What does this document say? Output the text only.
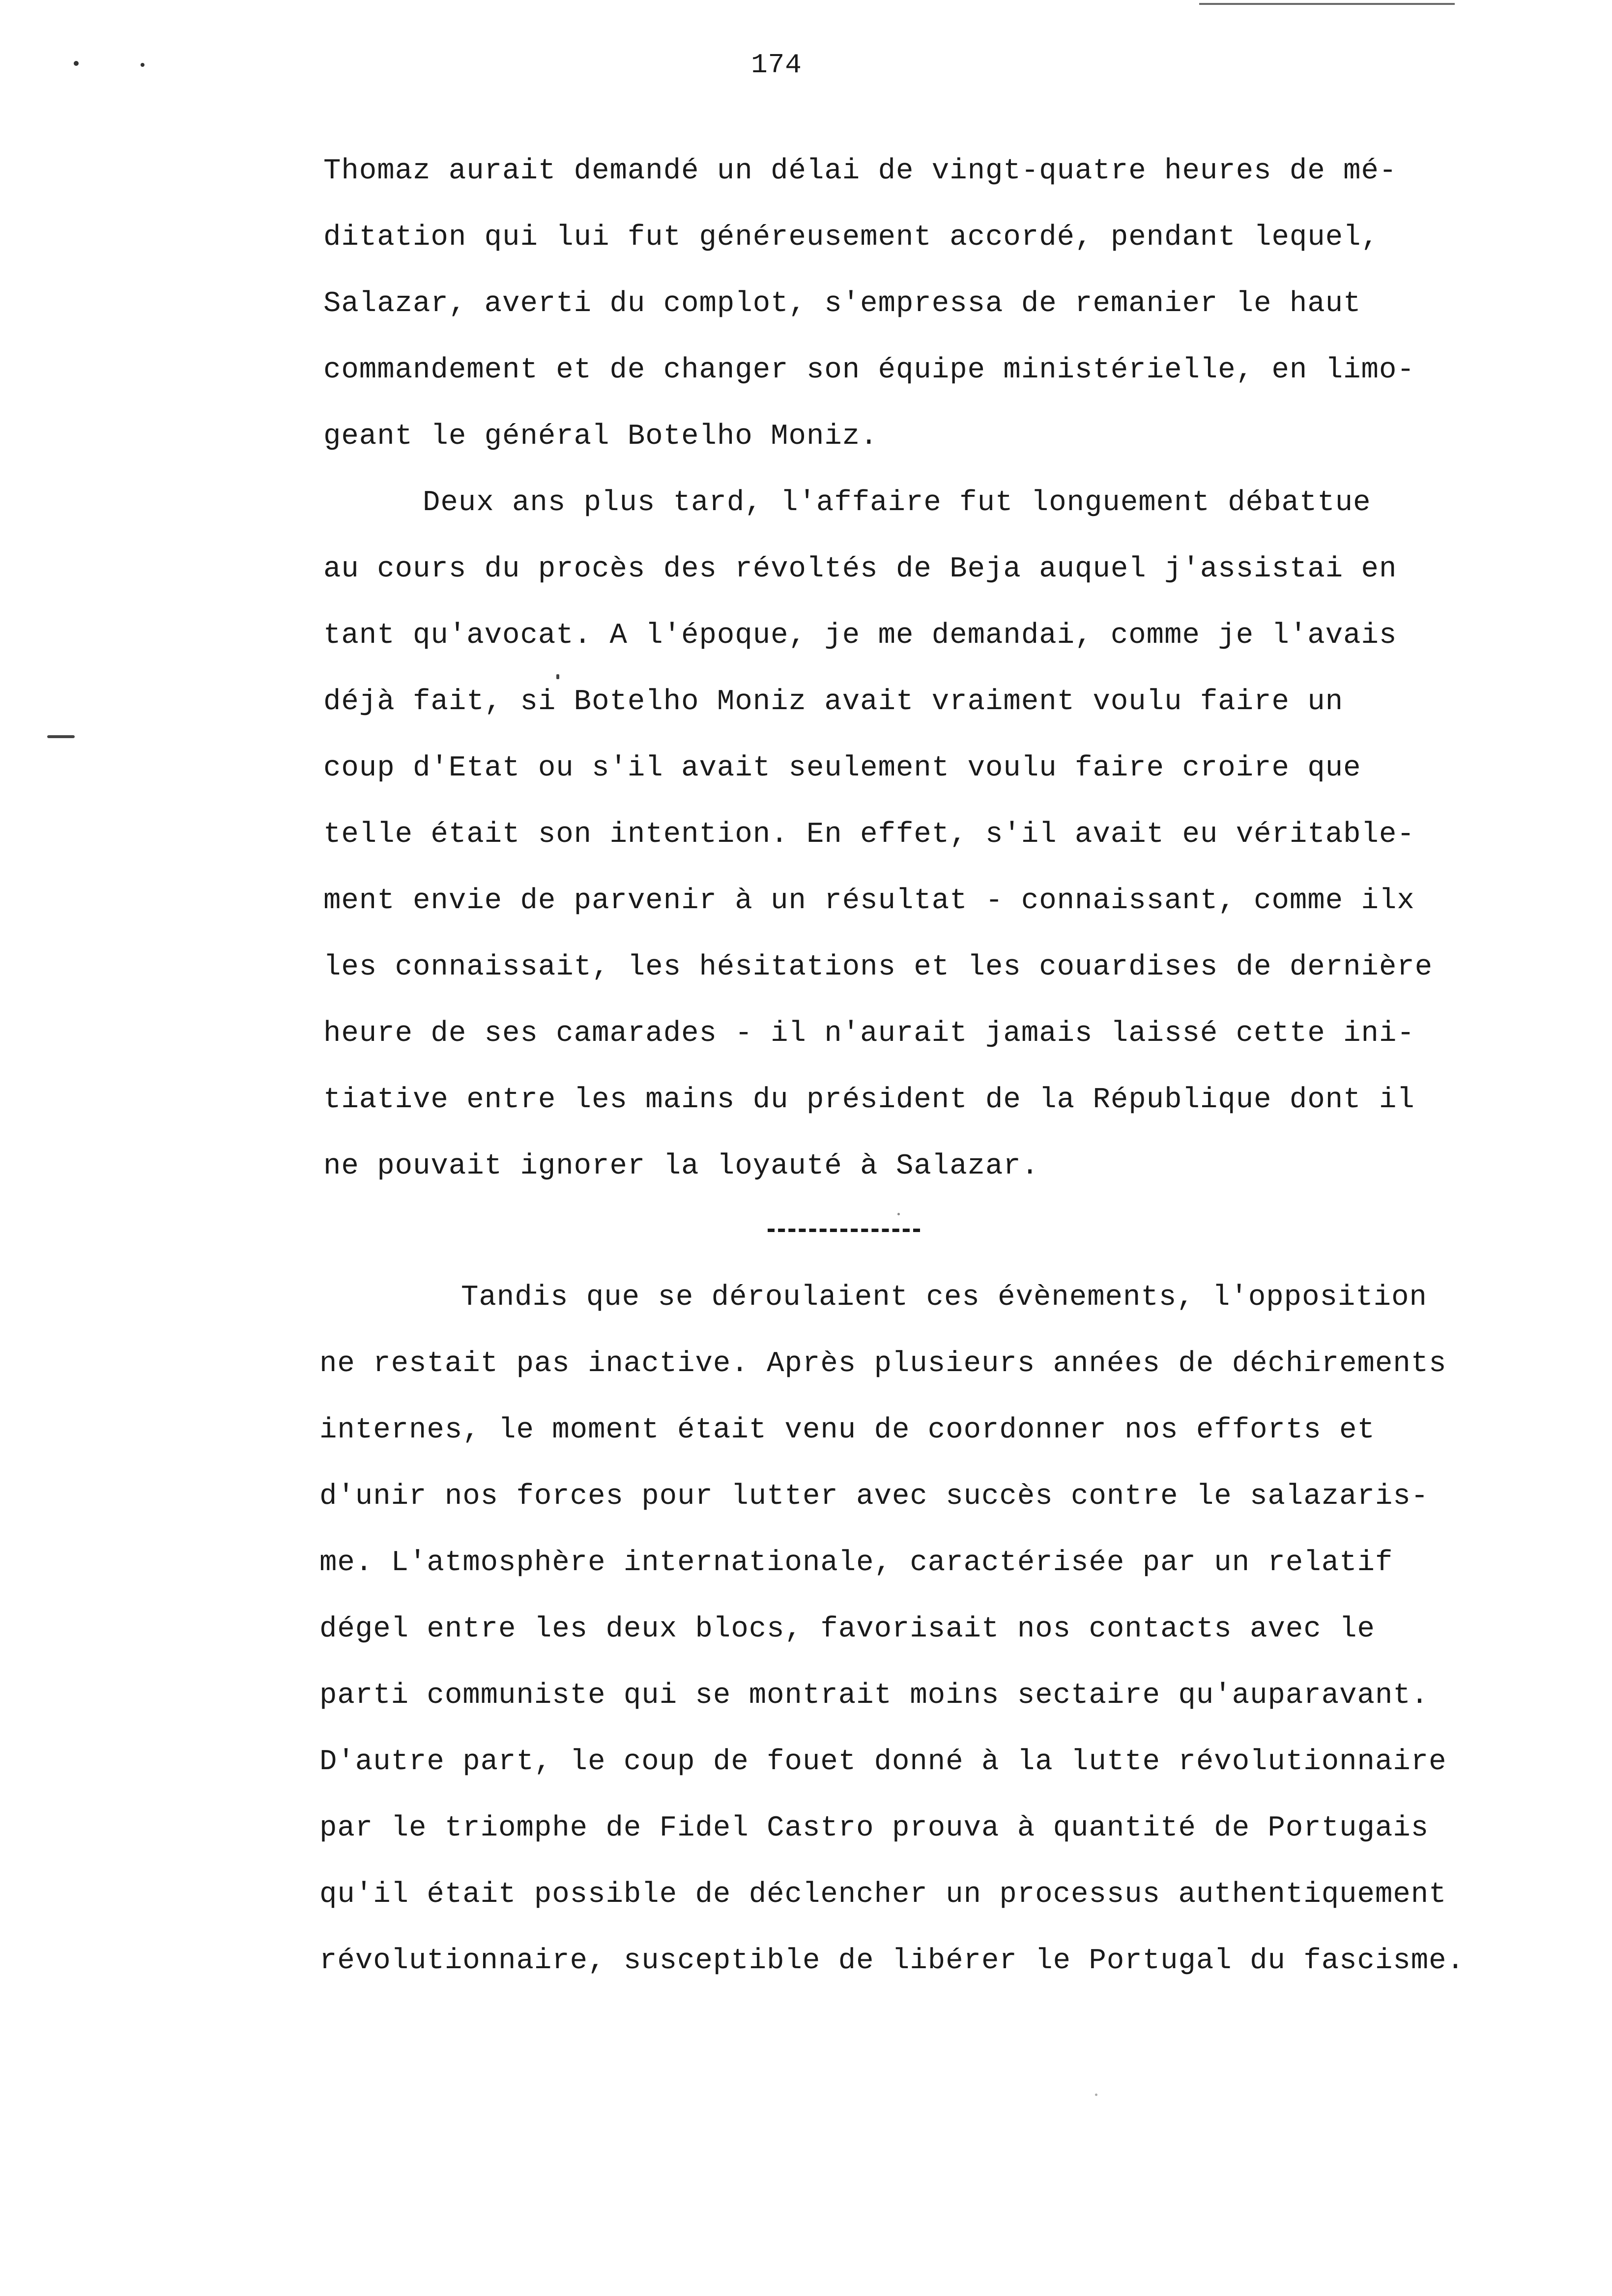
174
Thomaz aurait demandé un délai de vingt-quatre heures de mé-
ditation qui lui fut généreusement accordé, pendant lequel,
Salazar, averti du complot, s'empressa de remanier le haut
commandement et de changer son équipe ministérielle, en limo-
geant le général Botelho Moniz.
Deux ans plus tard, l'affaire fut longuement débattue
au cours du procès des révoltés de Beja auquel j'assistai en
tant qu'avocat. A l'époque, je me demandai, comme je l'avais
déjà fait, si Botelho Moniz avait vraiment voulu faire un
coup d'Etat ou s'il avait seulement voulu faire croire que
telle était son intention. En effet, s'il avait eu véritable-
ment envie de parvenir à un résultat - connaissant, comme ilx
les connaissait, les hésitations et les couardises de dernière
heure de ses camarades - il n'aurait jamais laissé cette ini-
tiative entre les mains du président de la République dont il
ne pouvait ignorer la loyauté à Salazar.
Tandis que se déroulaient ces évènements, l'opposition
ne restait pas inactive. Après plusieurs années de déchirements
internes, le moment était venu de coordonner nos efforts et
d'unir nos forces pour lutter avec succès contre le salazaris-
me. L'atmosphère internationale, caractérisée par un relatif
dégel entre les deux blocs, favorisait nos contacts avec le
parti communiste qui se montrait moins sectaire qu'auparavant.
D'autre part, le coup de fouet donné à la lutte révolutionnaire
par le triomphe de Fidel Castro prouva à quantité de Portugais
qu'il était possible de déclencher un processus authentiquement
révolutionnaire, susceptible de libérer le Portugal du fascisme.
